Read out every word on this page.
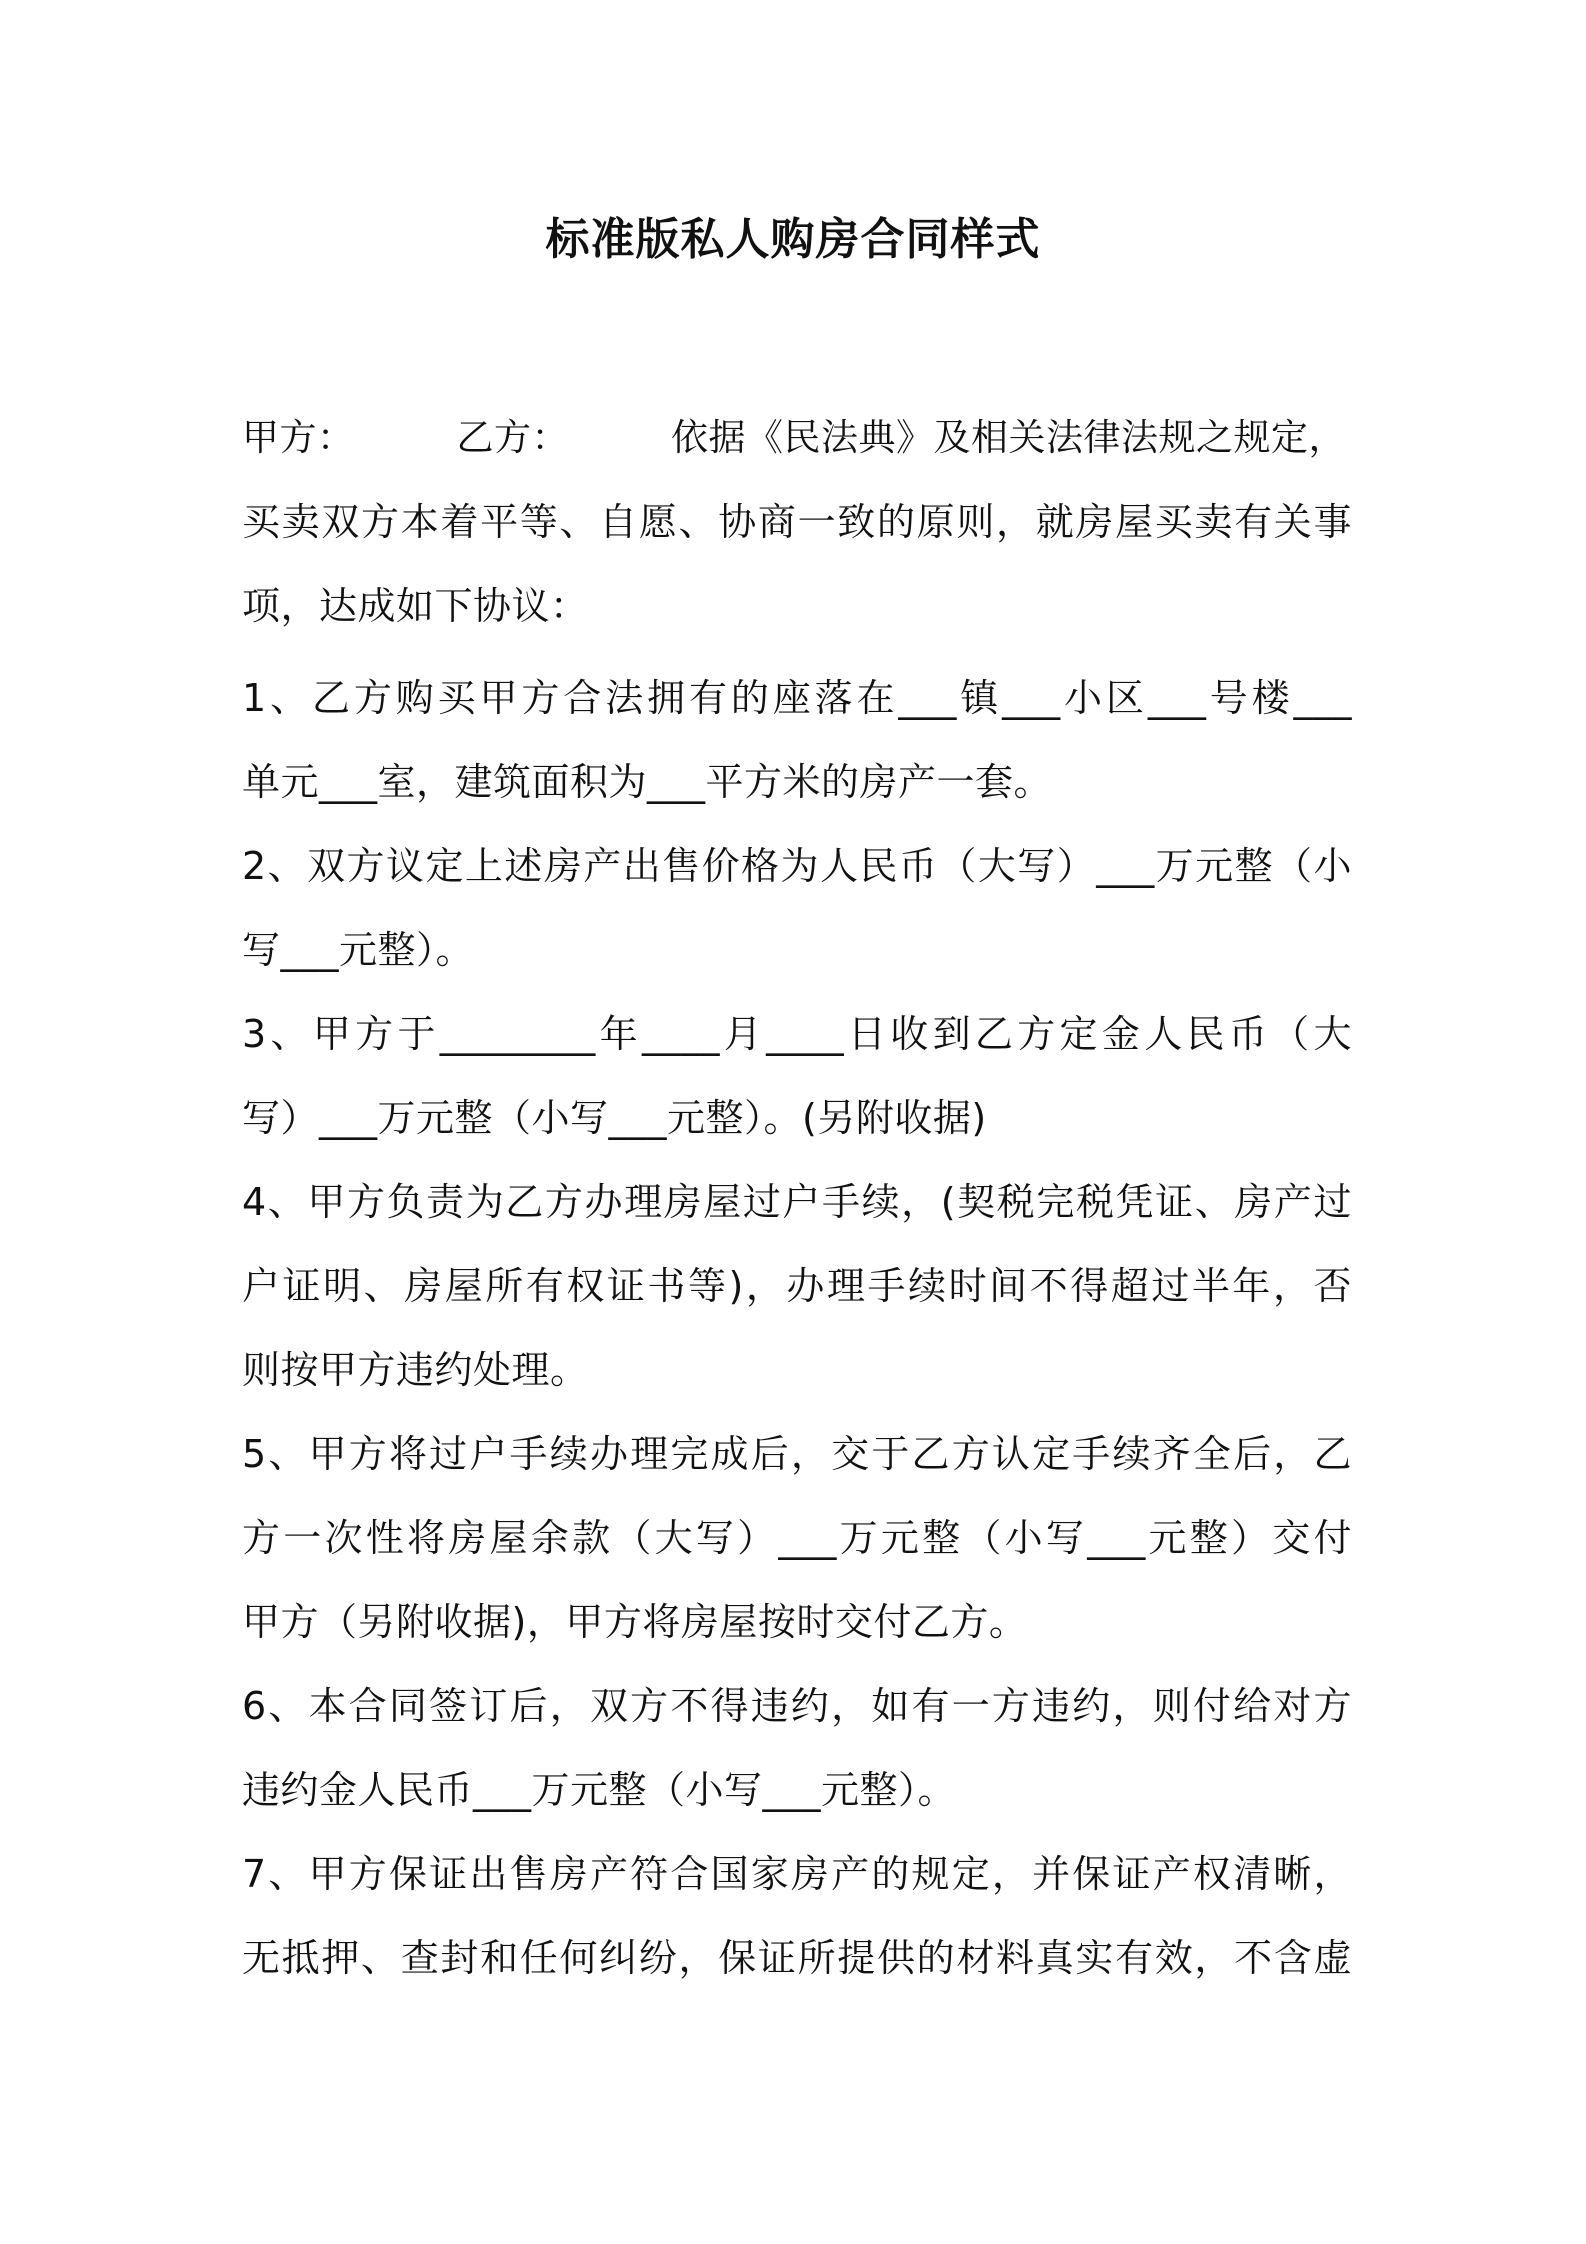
标准版私人购房合同样式
甲方：	乙方：	依据《民法典》及相关法律法规之规定，
买卖双方本着平等、自愿、协商一致的原则，就房屋买卖有关事
项，达成如下协议：
1、乙方购买甲方合法拥有的座落在___镇___小区___号楼___
单元___室，建筑面积为___平方米的房产一套。
2、双方议定上述房产出售价格为人民币（大写）___万元整（小
写___元整）。
3、甲方于________年____月____日收到乙方定金人民币（大
写）___万元整（小写___元整）。(另附收据)
4、甲方负责为乙方办理房屋过户手续，(契税完税凭证、房产过
户证明、房屋所有权证书等)，办理手续时间不得超过半年，否
则按甲方违约处理。
5、甲方将过户手续办理完成后，交于乙方认定手续齐全后，乙
方一次性将房屋余款（大写）___万元整（小写___元整）交付
甲方（另附收据)，甲方将房屋按时交付乙方。
6、本合同签订后，双方不得违约，如有一方违约，则付给对方
违约金人民币___万元整（小写___元整）。
7、甲方保证出售房产符合国家房产的规定，并保证产权清晰，
无抵押、查封和任何纠纷，保证所提供的材料真实有效，不含虚
